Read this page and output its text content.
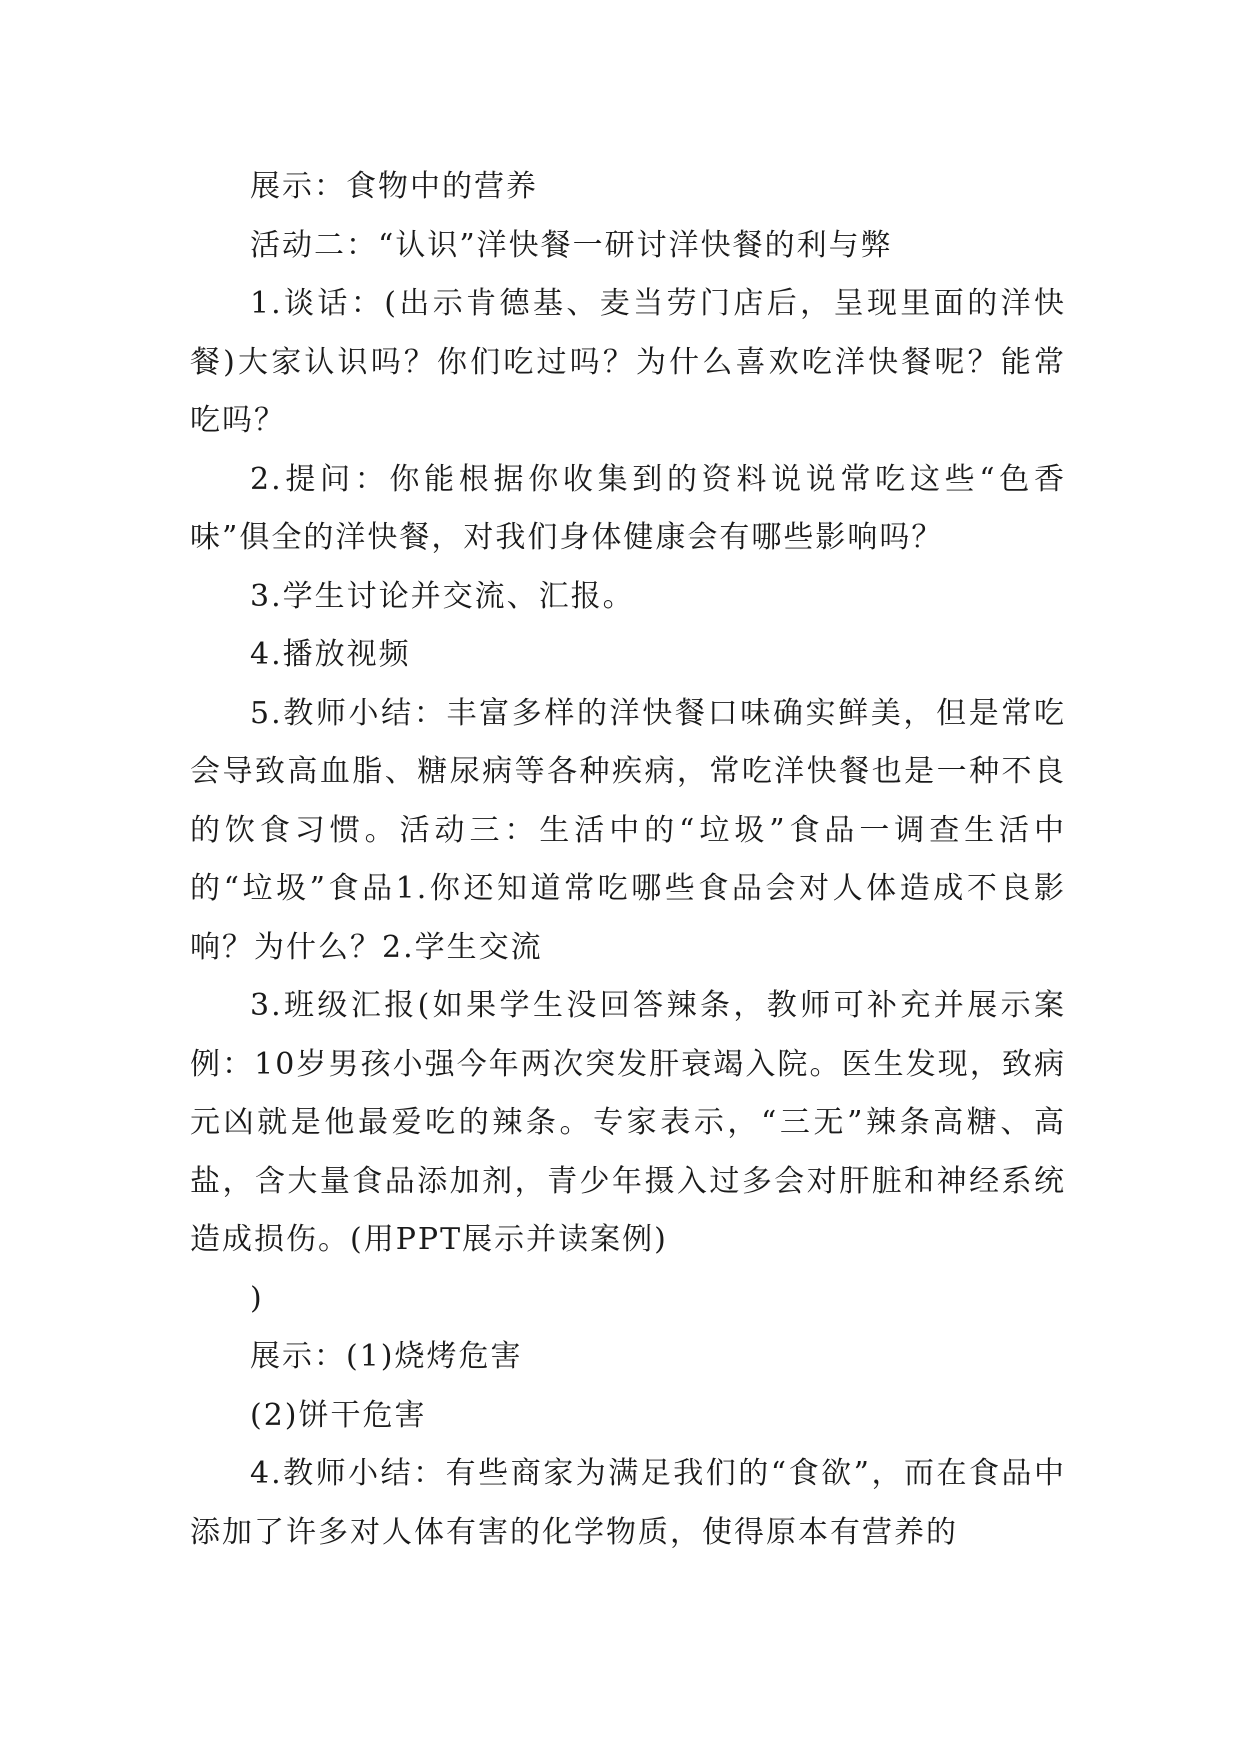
展示：食物中的营养

活动二：“认识”洋快餐一研讨洋快餐的利与弊

1.谈话：(出示肯德基、麦当劳门店后，呈现里面的洋快餐)大家认识吗？你们吃过吗？为什么喜欢吃洋快餐呢？能常吃吗？

2.提问：你能根据你收集到的资料说说常吃这些“色香味”俱全的洋快餐，对我们身体健康会有哪些影响吗？

3.学生讨论并交流、汇报。

4.播放视频

5.教师小结：丰富多样的洋快餐口味确实鲜美，但是常吃会导致高血脂、糖尿病等各种疾病，常吃洋快餐也是一种不良的饮食习惯。活动三：生活中的“垃圾”食品一调查生活中的“垃圾”食品1.你还知道常吃哪些食品会对人体造成不良影响？为什么？2.学生交流

3.班级汇报(如果学生没回答辣条，教师可补充并展示案例：10岁男孩小强今年两次突发肝衰竭入院。医生发现，致病元凶就是他最爱吃的辣条。专家表示，“三无”辣条高糖、高盐，含大量食品添加剂，青少年摄入过多会对肝脏和神经系统造成损伤。(用PPT展示并读案例)

)

展示：(1)烧烤危害

(2)饼干危害

4.教师小结：有些商家为满足我们的“食欲”，而在食品中添加了许多对人体有害的化学物质，使得原本有营养的
